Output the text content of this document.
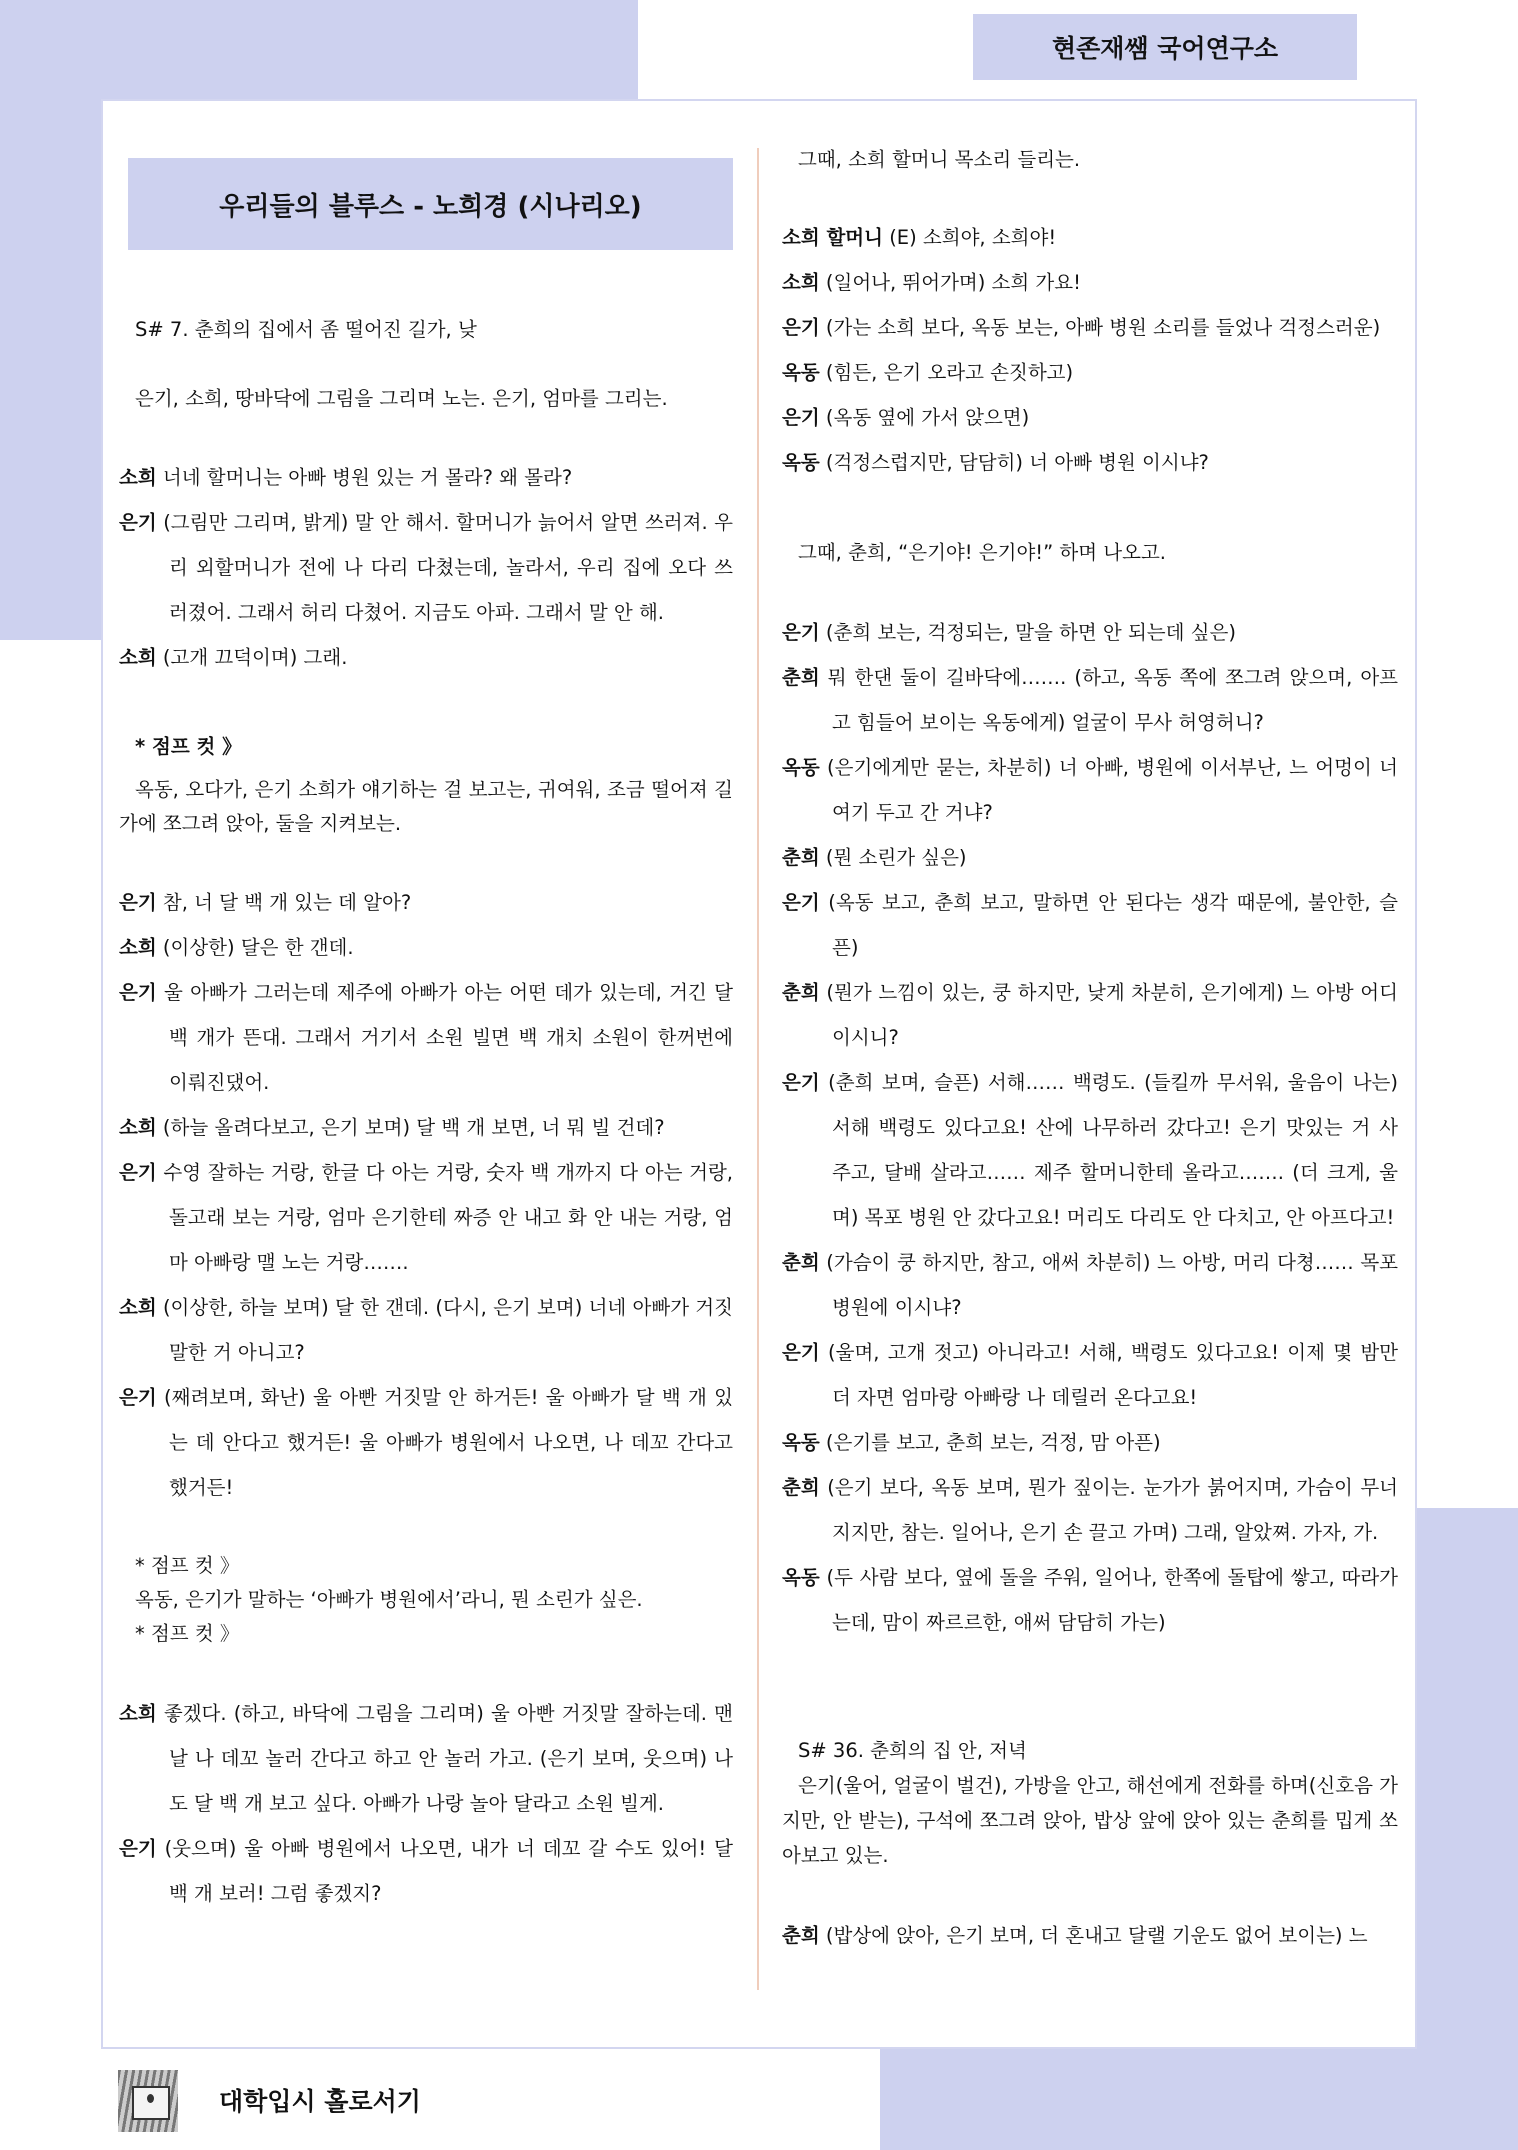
현존재쌤 국어연구소
우리들의 블루스 - 노희경 (시나리오)
S# 7. 춘희의 집에서 좀 떨어진 길가, 낮
은기, 소희, 땅바닥에 그림을 그리며 노는. 은기, 엄마를 그리는.
소희 너네 할머니는 아빠 병원 있는 거 몰라? 왜 몰라?
은기 (그림만 그리며, 밝게) 말 안 해서. 할머니가 늙어서 알면 쓰러져. 우리 외할머니가 전에 나 다리 다쳤는데, 놀라서, 우리 집에 오다 쓰러졌어. 그래서 허리 다쳤어. 지금도 아파. 그래서 말 안 해.
소희 (고개 끄덕이며) 그래.
* 점프 컷 》
옥동, 오다가, 은기 소희가 얘기하는 걸 보고는, 귀여워, 조금 떨어져 길가에 쪼그려 앉아, 둘을 지켜보는.
은기 참, 너 달 백 개 있는 데 알아?
소희 (이상한) 달은 한 갠데.
은기 울 아빠가 그러는데 제주에 아빠가 아는 어떤 데가 있는데, 거긴 달 백 개가 뜬대. 그래서 거기서 소원 빌면 백 개치 소원이 한꺼번에 이뤄진댔어.
소희 (하늘 올려다보고, 은기 보며) 달 백 개 보면, 너 뭐 빌 건데?
은기 수영 잘하는 거랑, 한글 다 아는 거랑, 숫자 백 개까지 다 아는 거랑, 돌고래 보는 거랑, 엄마 은기한테 짜증 안 내고 화 안 내는 거랑, 엄마 아빠랑 맬 노는 거랑…….
소희 (이상한, 하늘 보며) 달 한 갠데. (다시, 은기 보며) 너네 아빠가 거짓말한 거 아니고?
은기 (째려보며, 화난) 울 아빤 거짓말 안 하거든! 울 아빠가 달 백 개 있는 데 안다고 했거든! 울 아빠가 병원에서 나오면, 나 데꼬 간다고 했거든!
* 점프 컷 》
옥동, 은기가 말하는 ‘아빠가 병원에서’라니, 뭔 소린가 싶은.
* 점프 컷 》
소희 좋겠다. (하고, 바닥에 그림을 그리며) 울 아빤 거짓말 잘하는데. 맨날 나 데꼬 놀러 간다고 하고 안 놀러 가고. (은기 보며, 웃으며) 나도 달 백 개 보고 싶다. 아빠가 나랑 놀아 달라고 소원 빌게.
은기 (웃으며) 울 아빠 병원에서 나오면, 내가 너 데꼬 갈 수도 있어! 달 백 개 보러! 그럼 좋겠지?
그때, 소희 할머니 목소리 들리는.
소희 할머니 (E) 소희야, 소희야!
소희 (일어나, 뛰어가며) 소희 가요!
은기 (가는 소희 보다, 옥동 보는, 아빠 병원 소리를 들었나 걱정스러운)
옥동 (힘든, 은기 오라고 손짓하고)
은기 (옥동 옆에 가서 앉으면)
옥동 (걱정스럽지만, 담담히) 너 아빠 병원 이시냐?
그때, 춘희, “은기야! 은기야!” 하며 나오고.
은기 (춘희 보는, 걱정되는, 말을 하면 안 되는데 싶은)
춘희 뭐 한댄 둘이 길바닥에……. (하고, 옥동 쪽에 쪼그려 앉으며, 아프고 힘들어 보이는 옥동에게) 얼굴이 무사 허영허니?
옥동 (은기에게만 묻는, 차분히) 너 아빠, 병원에 이서부난, 느 어멍이 너 여기 두고 간 거냐?
춘희 (뭔 소린가 싶은)
은기 (옥동 보고, 춘희 보고, 말하면 안 된다는 생각 때문에, 불안한, 슬픈)
춘희 (뭔가 느낌이 있는, 쿵 하지만, 낮게 차분히, 은기에게) 느 아방 어디 이시니?
은기 (춘희 보며, 슬픈) 서해…… 백령도. (들킬까 무서워, 울음이 나는) 서해 백령도 있다고요! 산에 나무하러 갔다고! 은기 맛있는 거 사 주고, 달배 살라고…… 제주 할머니한테 올라고……. (더 크게, 울며) 목포 병원 안 갔다고요! 머리도 다리도 안 다치고, 안 아프다고!
춘희 (가슴이 쿵 하지만, 참고, 애써 차분히) 느 아방, 머리 다쳥…… 목포 병원에 이시냐?
은기 (울며, 고개 젓고) 아니라고! 서해, 백령도 있다고요! 이제 몇 밤만 더 자면 엄마랑 아빠랑 나 데릴러 온다고요!
옥동 (은기를 보고, 춘희 보는, 걱정, 맘 아픈)
춘희 (은기 보다, 옥동 보며, 뭔가 짚이는. 눈가가 붉어지며, 가슴이 무너지지만, 참는. 일어나, 은기 손 끌고 가며) 그래, 알았쪄. 가자, 가.
옥동 (두 사람 보다, 옆에 돌을 주워, 일어나, 한쪽에 돌탑에 쌓고, 따라가는데, 맘이 짜르르한, 애써 담담히 가는)
S# 36. 춘희의 집 안, 저녁
은기(울어, 얼굴이 벌건), 가방을 안고, 해선에게 전화를 하며(신호음 가지만, 안 받는), 구석에 쪼그려 앉아, 밥상 앞에 앉아 있는 춘희를 밉게 쏘아보고 있는.
춘희 (밥상에 앉아, 은기 보며, 더 혼내고 달랠 기운도 없어 보이는) 느
대학입시 홀로서기
